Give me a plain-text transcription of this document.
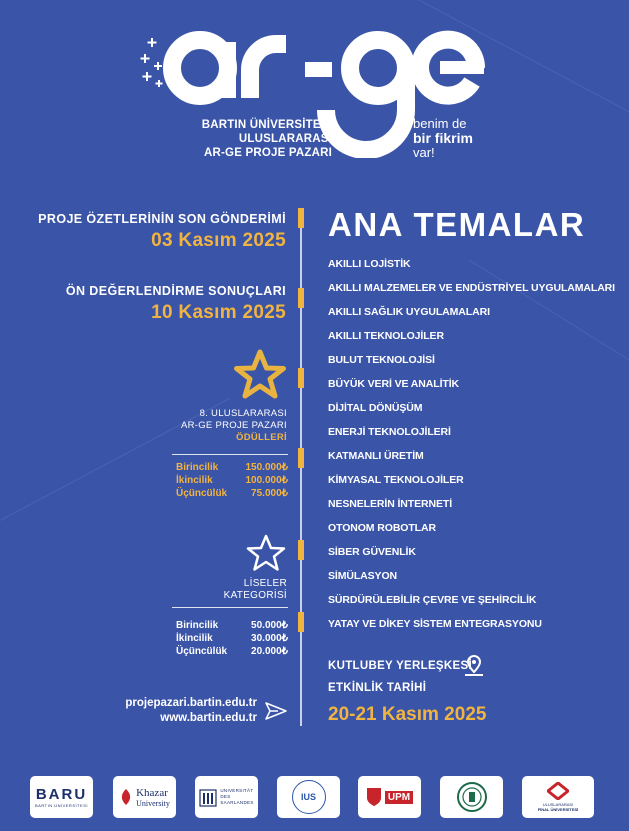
BARTIN ÜNİVERSİTESİ
ULUSLARARASI
AR-GE PROJE PAZARI
benim de
bir fikrim
var!
PROJE ÖZETLERİNİN SON GÖNDERİMİ
03 Kasım 2025
ÖN DEĞERLENDİRME SONUÇLARI
10 Kasım 2025
8. ULUSLARARASI
AR-GE PROJE PAZARI
ÖDÜLLERİ
Birincilik	150.000₺
İkincilik	100.000₺
Üçüncülük 75.000₺
LİSELER
KATEGORİSİ
Birincilik	50.000₺
İkincilik	30.000₺
Üçüncülük 20.000₺
projepazari.bartin.edu.tr
www.bartin.edu.tr
ANA TEMALAR
AKILLI LOJİSTİK
AKILLI MALZEMELER VE ENDÜSTRİYEL UYGULAMALARI
AKILLI SAĞLIK UYGULAMALARI
AKILLI TEKNOLOJİLER
BULUT TEKNOLOJİSİ
BÜYÜK VERİ VE ANALİTİK
DİJİTAL DÖNÜŞÜM
ENERJİ TEKNOLOJİLERİ
KATMANLI ÜRETİM
KİMYASAL TEKNOLOJİLER
NESNELERİN İNTERNETİ
OTONOM ROBOTLAR
SİBER GÜVENLİK
SİMÜLASYON
SÜRDÜRÜLEBİLİR ÇEVRE VE ŞEHİRCİLİK
YATAY VE DİKEY SİSTEM ENTEGRASYONU
KUTLUBEY YERLEŞKESİ
ETKİNLİK TARİHİ
20-21 Kasım 2025
BARU
BARTIN ÜNİVERSİTESİ
Khazar
University
UNIVERSITÄT
DES
SAARLANDES
IUS	UPM
ULUSLARARASI
FİNAL ÜNİVERSİTESİ
